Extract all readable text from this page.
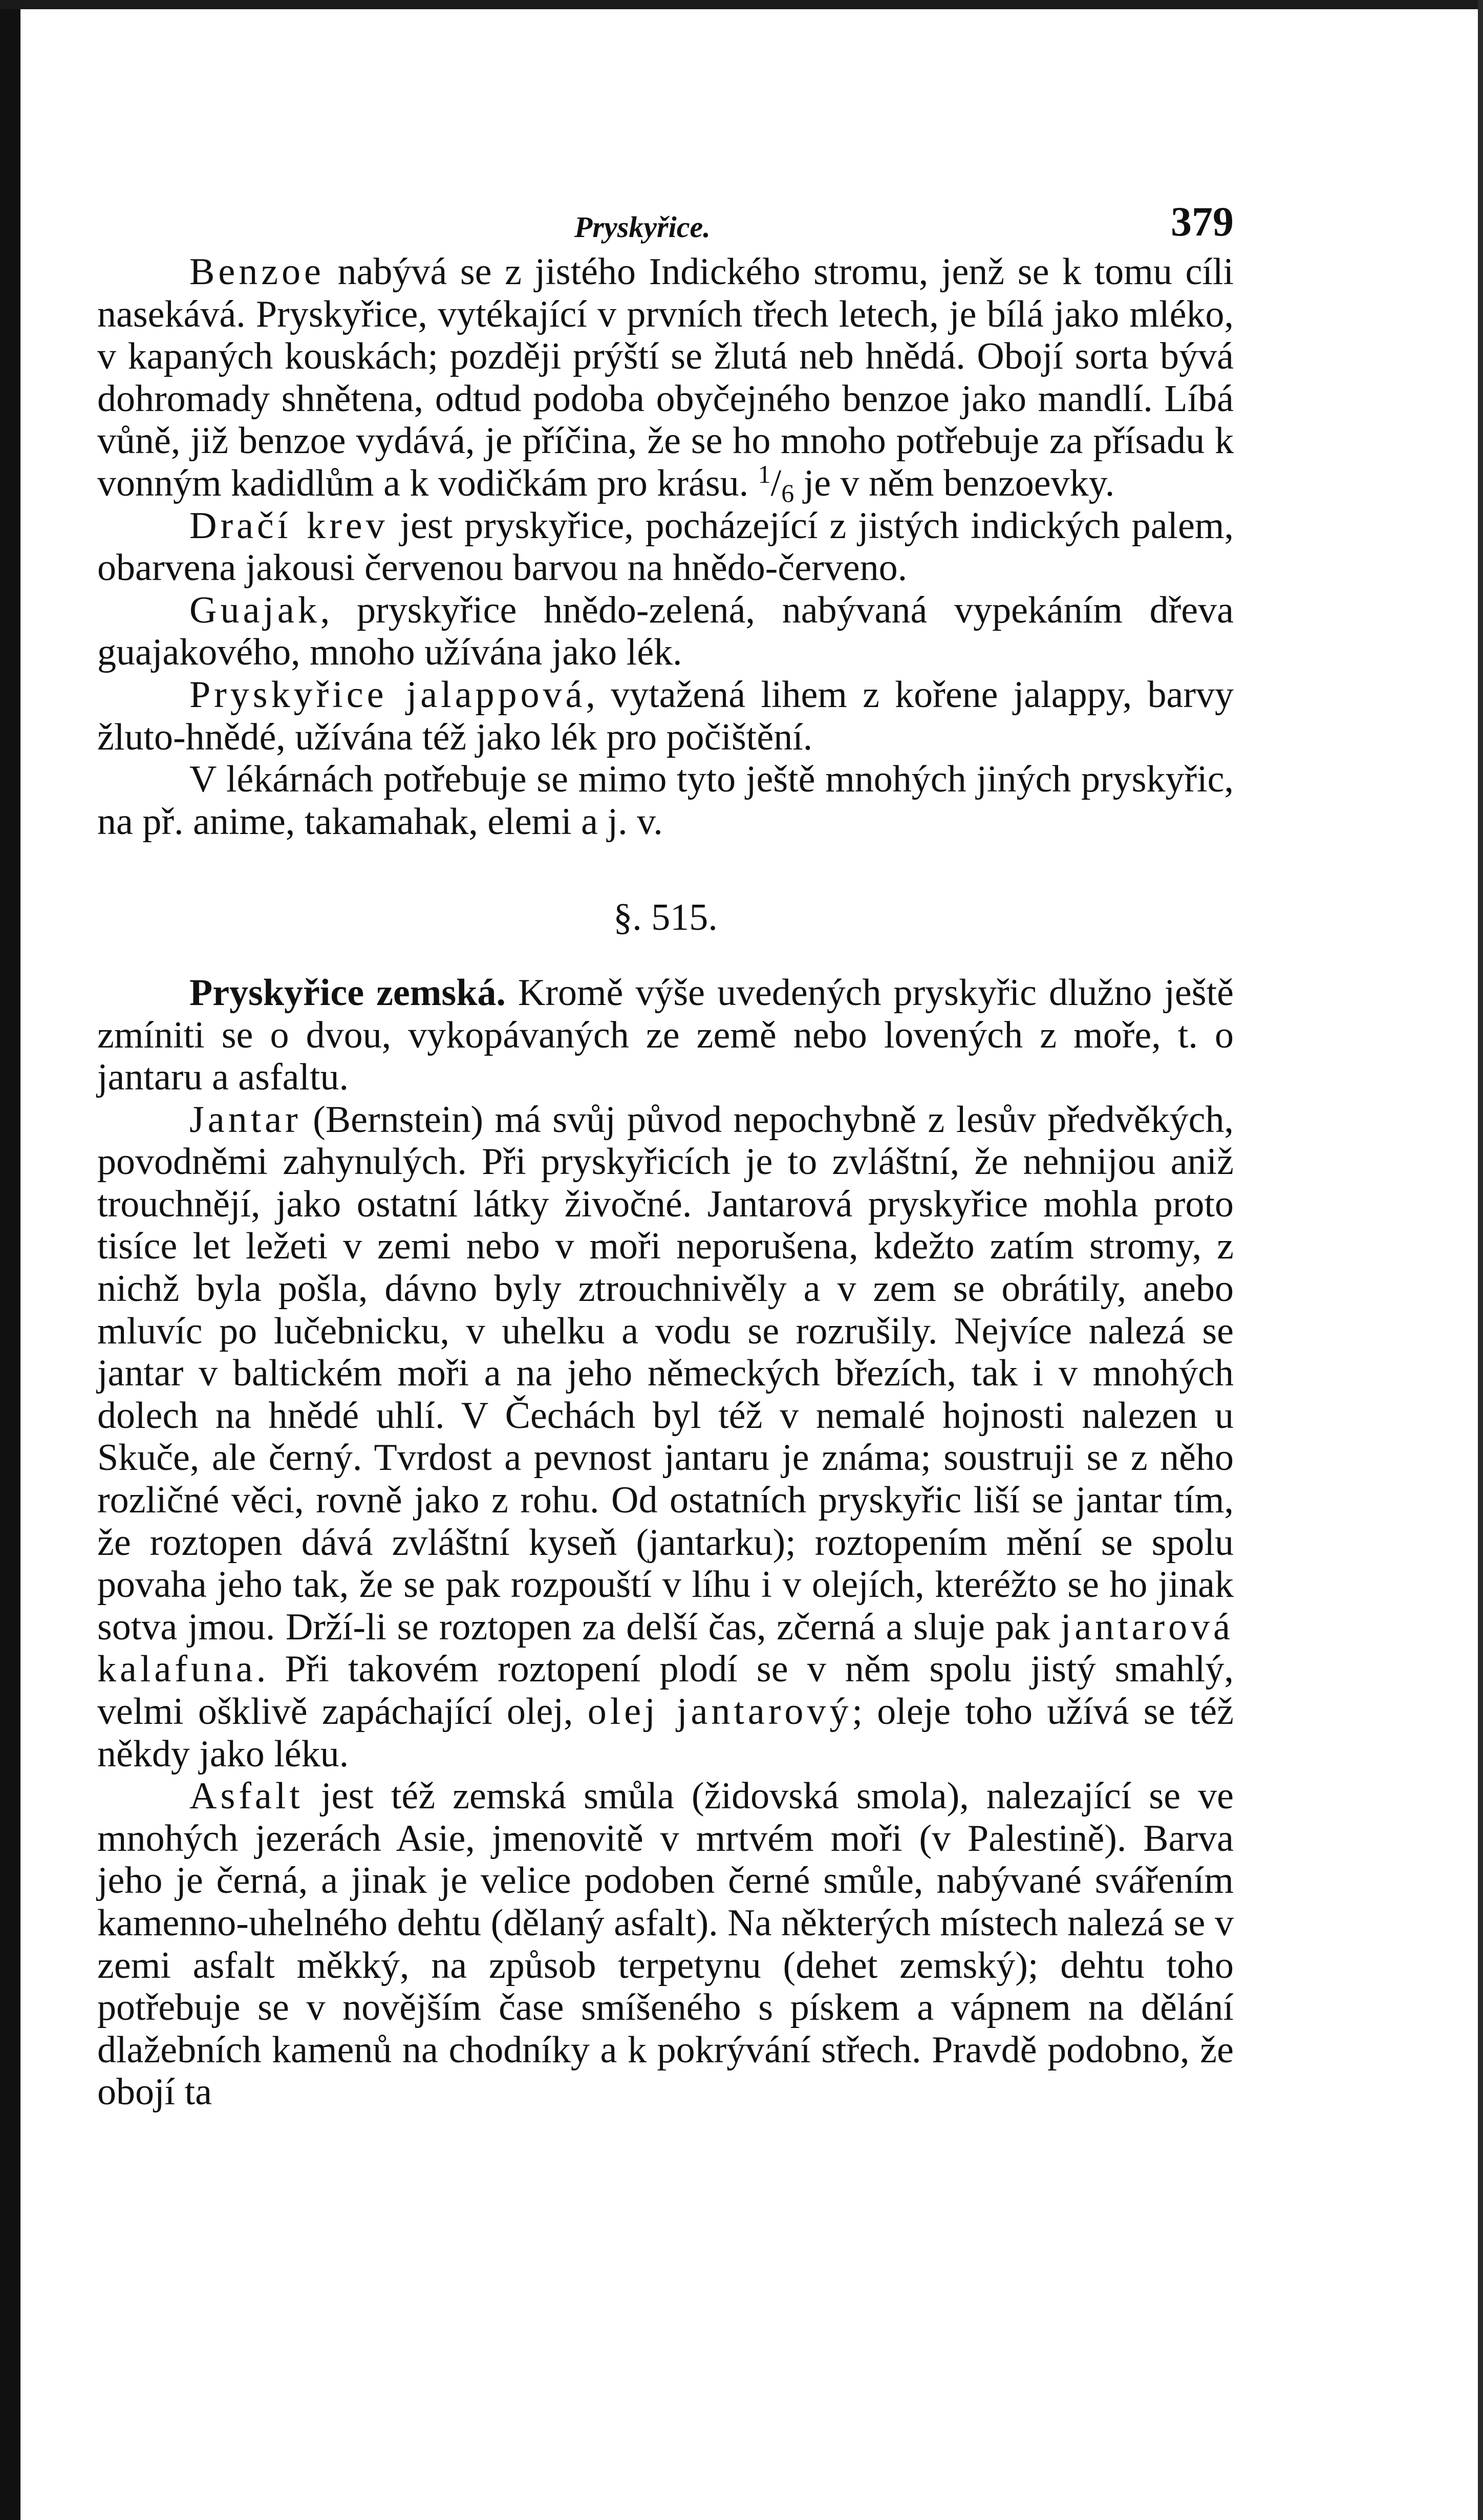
Pryskyřice.	379

Benzoe nabývá se z jistého Indického stromu, jenž se k tomu cíli nasekává. Pryskyřice, vytékající v prvních třech letech, je bílá jako mléko, v kapaných kouskách; později prýští se žlutá neb hnědá. Obojí sorta bývá dohromady shnětena, odtud podoba obyčejného benzoe jako mandlí. Líbá vůně, již benzoe vydává, je příčina, že se ho mnoho potřebuje za přísadu k vonným kadidlům a k vodičkám pro krásu. $^1/_6$ je v něm benzoevky.

Dračí krev jest pryskyřice, pocházející z jistých indických palem, obarvena jakousi červenou barvou na hnědo-červeno.

Guajak, pryskyřice hnědo-zelená, nabývaná vypekáním dřeva guajakového, mnoho užívána jako lék.

Pryskyřice jalappová, vytažená lihem z kořene jalappy, barvy žluto-hnědé, užívána též jako lék pro počištění.

V lékárnách potřebuje se mimo tyto ještě mnohých jiných pryskyřic, na př. anime, takamahak, elemi a j. v.

§. 515.

Pryskyřice zemská. Kromě výše uvedených pryskyřic dlužno ještě zmíniti se o dvou, vykopávaných ze země nebo lovených z moře, t. o jantaru a asfaltu.

Jantar (Bernstein) má svůj původ nepochybně z lesův předvěkých, povodněmi zahynulých. Při pryskyřicích je to zvláštní, že nehnijou aniž trouchnějí, jako ostatní látky živočné. Jantarová pryskyřice mohla proto tisíce let ležeti v zemi nebo v moři neporušena, kdežto zatím stromy, z nichž byla pošla, dávno byly ztrouchnivěly a v zem se obrátily, anebo mluvíc po lučebnicku, v uhelku a vodu se rozrušily. Nejvíce nalezá se jantar v baltickém moři a na jeho německých březích, tak i v mnohých dolech na hnědé uhlí. V Čechách byl též v nemalé hojnosti nalezen u Skuče, ale černý. Tvrdost a pevnost jantaru je známa; soustruji se z něho rozličné věci, rovně jako z rohu. Od ostatních pryskyřic liší se jantar tím, že roztopen dává zvláštní kyseň (jantarku); roztopením mění se spolu povaha jeho tak, že se pak rozpouští v líhu i v olejích, kteréžto se ho jinak sotva jmou. Drží-li se roztopen za delší čas, zčerná a sluje pak jantarová kalafuna. Při takovém roztopení plodí se v něm spolu jistý smahlý, velmi ošklivě zapáchající olej, olej jantarový; oleje toho užívá se též někdy jako léku.

Asfalt jest též zemská smůla (židovská smola), nalezající se ve mnohých jezerách Asie, jmenovitě v mrtvém moři (v Palestině). Barva jeho je černá, a jinak je velice podoben černé smůle, nabývané svářením kamenno-uhelného dehtu (dělaný asfalt). Na některých místech nalezá se v zemi asfalt měkký, na způsob terpetynu (dehet zemský); dehtu toho potřebuje se v novějším čase smíšeného s pískem a vápnem na dělání dlažebních kamenů na chodníky a k pokrývání střech. Pravdě podobno, že obojí ta
